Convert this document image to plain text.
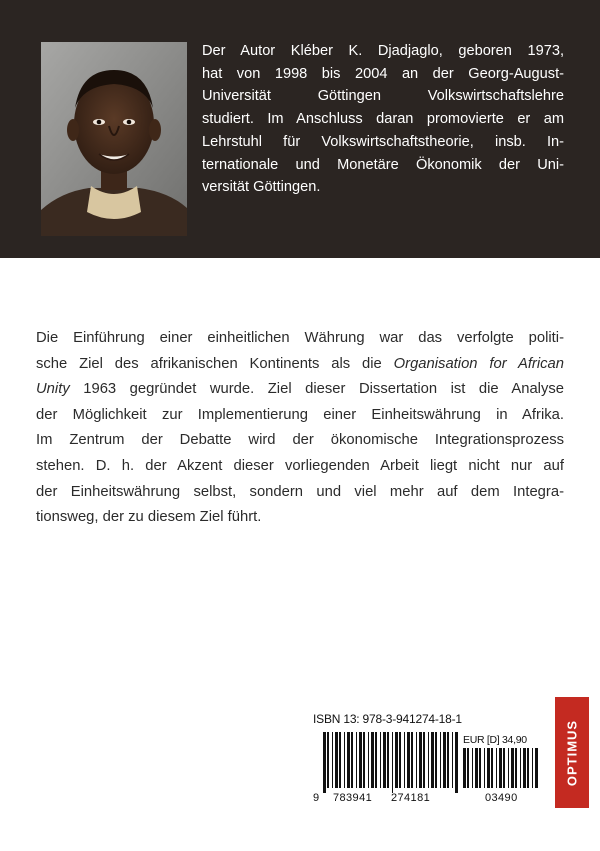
Der Autor Kléber K. Djadjaglo, geboren 1973,
hat von 1998 bis 2004 an der Georg-August-
Universität Göttingen Volkswirtschaftslehre
studiert. Im Anschluss daran promovierte er am
Lehrstuhl für Volkswirtschaftstheorie, insb. In-
ternationale und Monetäre Ökonomik der Uni-
versität Göttingen.

Die Einführung einer einheitlichen Währung war das verfolgte politi-
sche Ziel des afrikanischen Kontinents als die Organisation for African
Unity 1963 gegründet wurde. Ziel dieser Dissertation ist die Analyse
der Möglichkeit zur Implementierung einer Einheitswährung in Afrika.
Im Zentrum der Debatte wird der ökonomische Integrationsprozess
stehen. D. h. der Akzent dieser vorliegenden Arbeit liegt nicht nur auf
der Einheitswährung selbst, sondern und viel mehr auf dem Integra-
tionsweg, der zu diesem Ziel führt.

ISBN 13: 978-3-941274-18-1
EUR [D] 34,90
9 783941 274181	03490
OPTIMUS
